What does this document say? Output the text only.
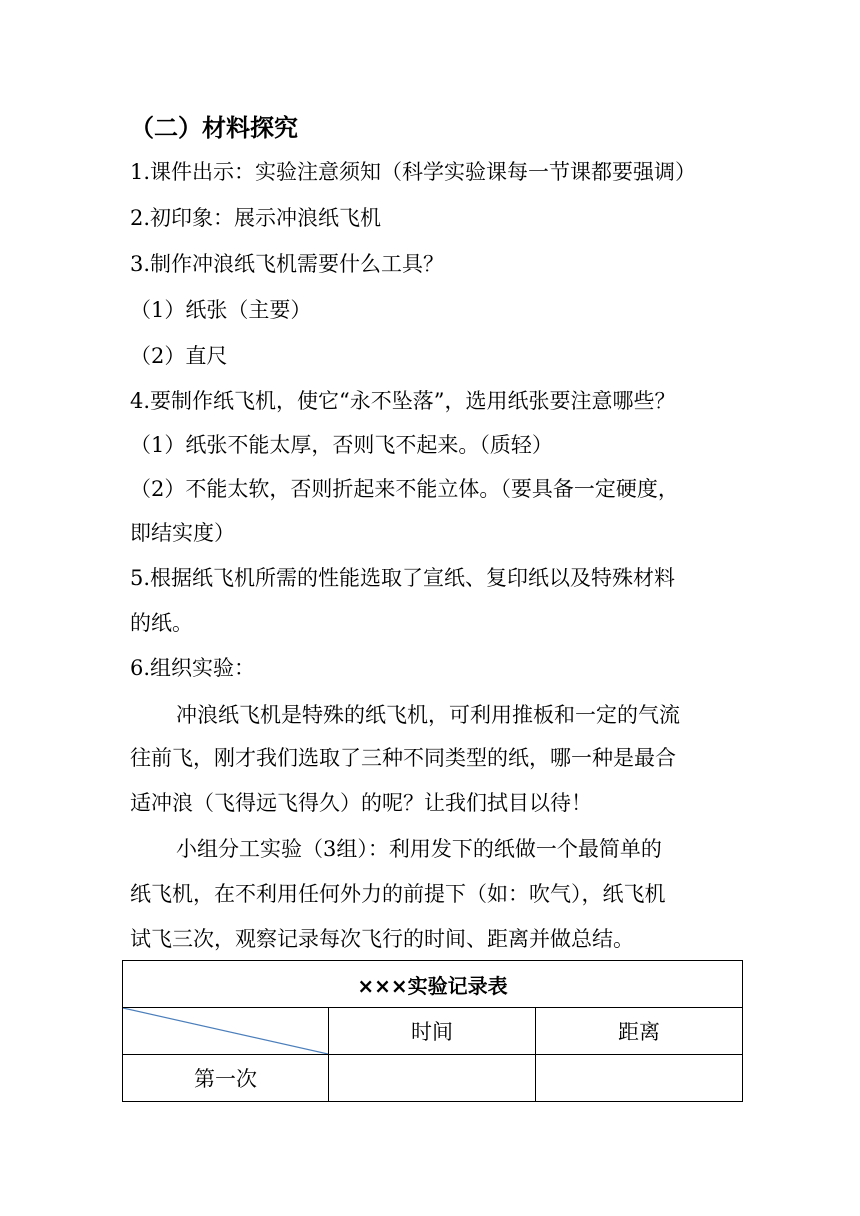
（二）材料探究
1.课件出示：实验注意须知（科学实验课每一节课都要强调）
2.初印象：展示冲浪纸飞机
3.制作冲浪纸飞机需要什么工具？
（1）纸张（主要）
（2）直尺
4.要制作纸飞机，使它“永不坠落”，选用纸张要注意哪些？
（1）纸张不能太厚，否则飞不起来。（质轻）
（2）不能太软，否则折起来不能立体。（要具备一定硬度，
即结实度）
5.根据纸飞机所需的性能选取了宣纸、复印纸以及特殊材料
的纸。
6.组织实验：
冲浪纸飞机是特殊的纸飞机，可利用推板和一定的气流
往前飞，刚才我们选取了三种不同类型的纸，哪一种是最合
适冲浪（飞得远飞得久）的呢？让我们拭目以待！
小组分工实验（3组）：利用发下的纸做一个最简单的
纸飞机，在不利用任何外力的前提下（如：吹气），纸飞机
试飞三次，观察记录每次飞行的时间、距离并做总结。
×××实验记录表		

	时间	距离
第一次		
